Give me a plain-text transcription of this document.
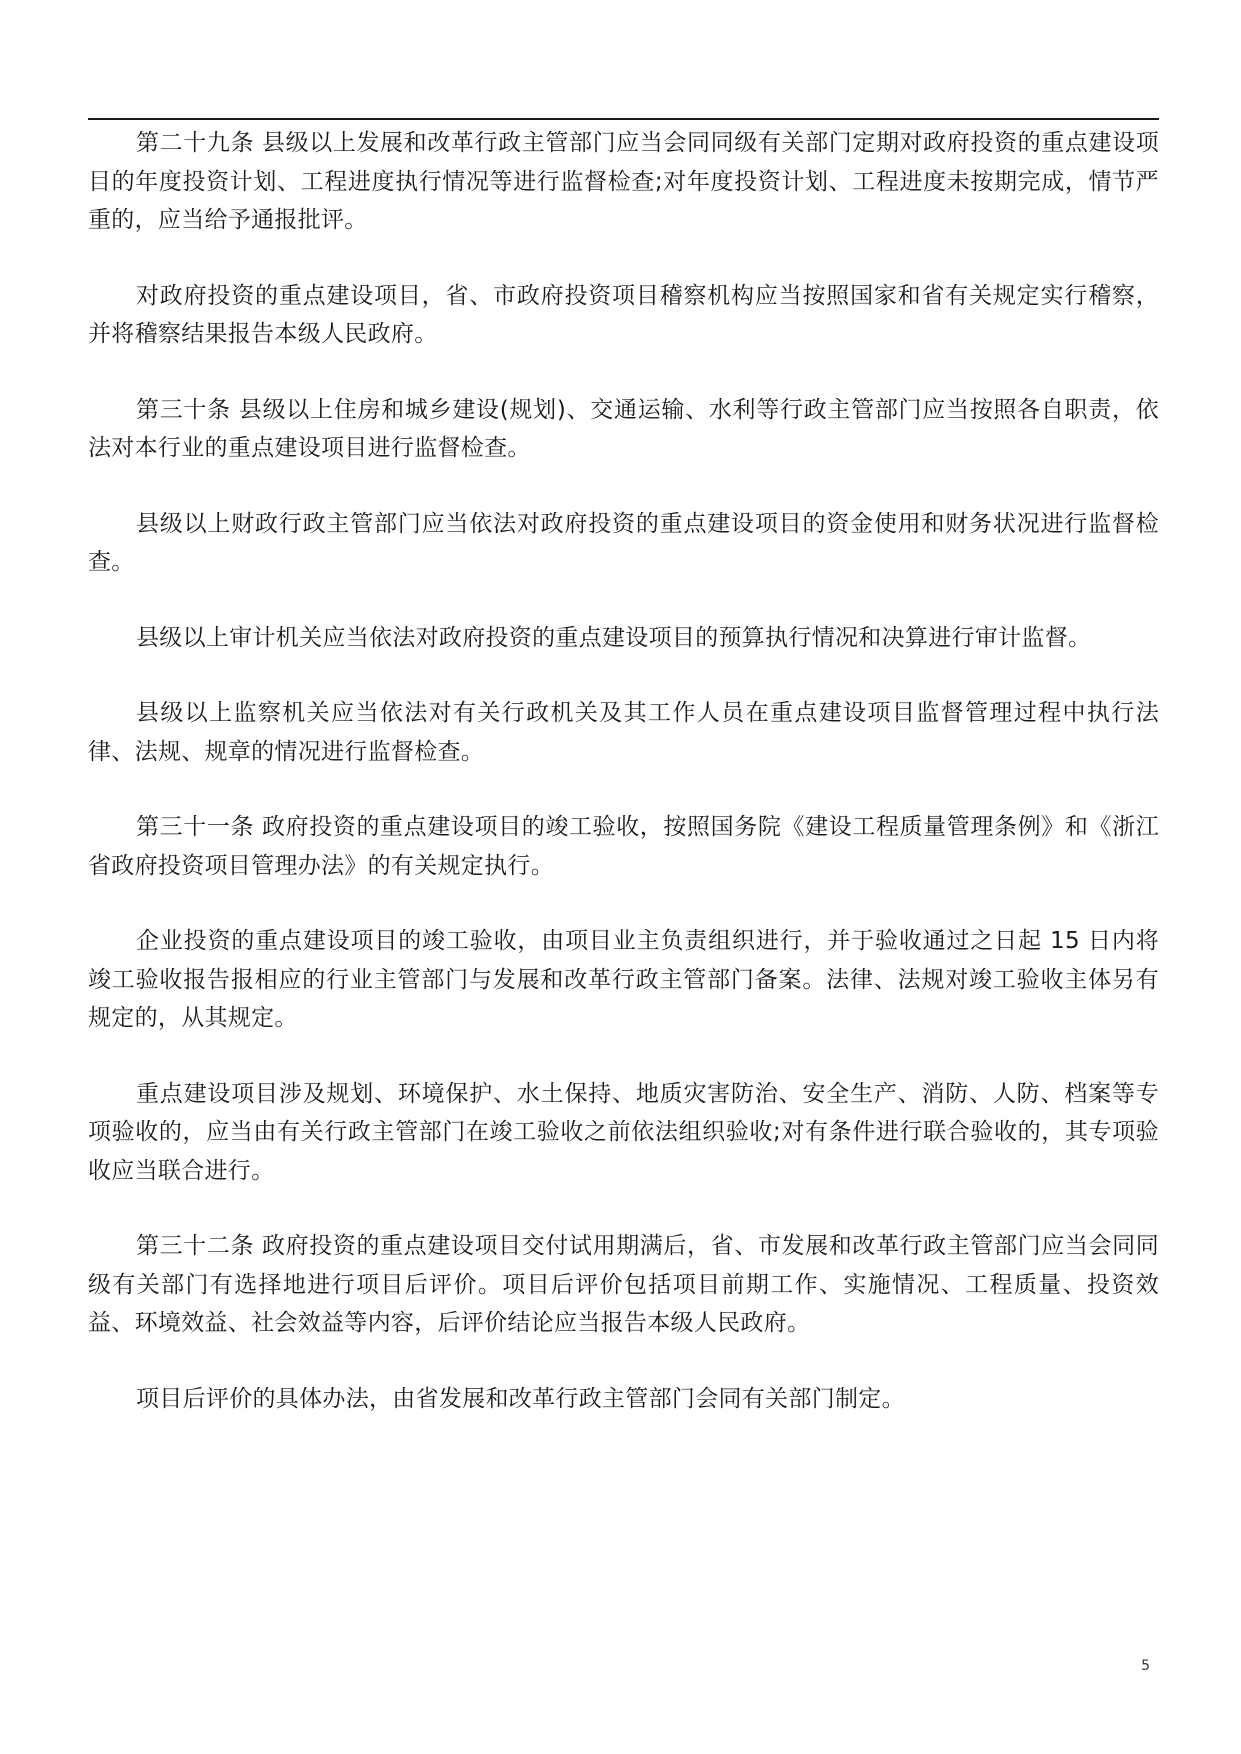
第二十九条 县级以上发展和改革行政主管部门应当会同同级有关部门定期对政府投资的重点建设项目的年度投资计划、工程进度执行情况等进行监督检查;对年度投资计划、工程进度未按期完成，情节严重的，应当给予通报批评。

对政府投资的重点建设项目，省、市政府投资项目稽察机构应当按照国家和省有关规定实行稽察，并将稽察结果报告本级人民政府。

第三十条 县级以上住房和城乡建设(规划)、交通运输、水利等行政主管部门应当按照各自职责，依法对本行业的重点建设项目进行监督检查。

县级以上财政行政主管部门应当依法对政府投资的重点建设项目的资金使用和财务状况进行监督检查。

县级以上审计机关应当依法对政府投资的重点建设项目的预算执行情况和决算进行审计监督。

县级以上监察机关应当依法对有关行政机关及其工作人员在重点建设项目监督管理过程中执行法律、法规、规章的情况进行监督检查。

第三十一条 政府投资的重点建设项目的竣工验收，按照国务院《建设工程质量管理条例》和《浙江省政府投资项目管理办法》的有关规定执行。

企业投资的重点建设项目的竣工验收，由项目业主负责组织进行，并于验收通过之日起 15 日内将竣工验收报告报相应的行业主管部门与发展和改革行政主管部门备案。法律、法规对竣工验收主体另有规定的，从其规定。

重点建设项目涉及规划、环境保护、水土保持、地质灾害防治、安全生产、消防、人防、档案等专项验收的，应当由有关行政主管部门在竣工验收之前依法组织验收;对有条件进行联合验收的，其专项验收应当联合进行。

第三十二条 政府投资的重点建设项目交付试用期满后，省、市发展和改革行政主管部门应当会同同级有关部门有选择地进行项目后评价。项目后评价包括项目前期工作、实施情况、工程质量、投资效益、环境效益、社会效益等内容，后评价结论应当报告本级人民政府。

项目后评价的具体办法，由省发展和改革行政主管部门会同有关部门制定。

5
